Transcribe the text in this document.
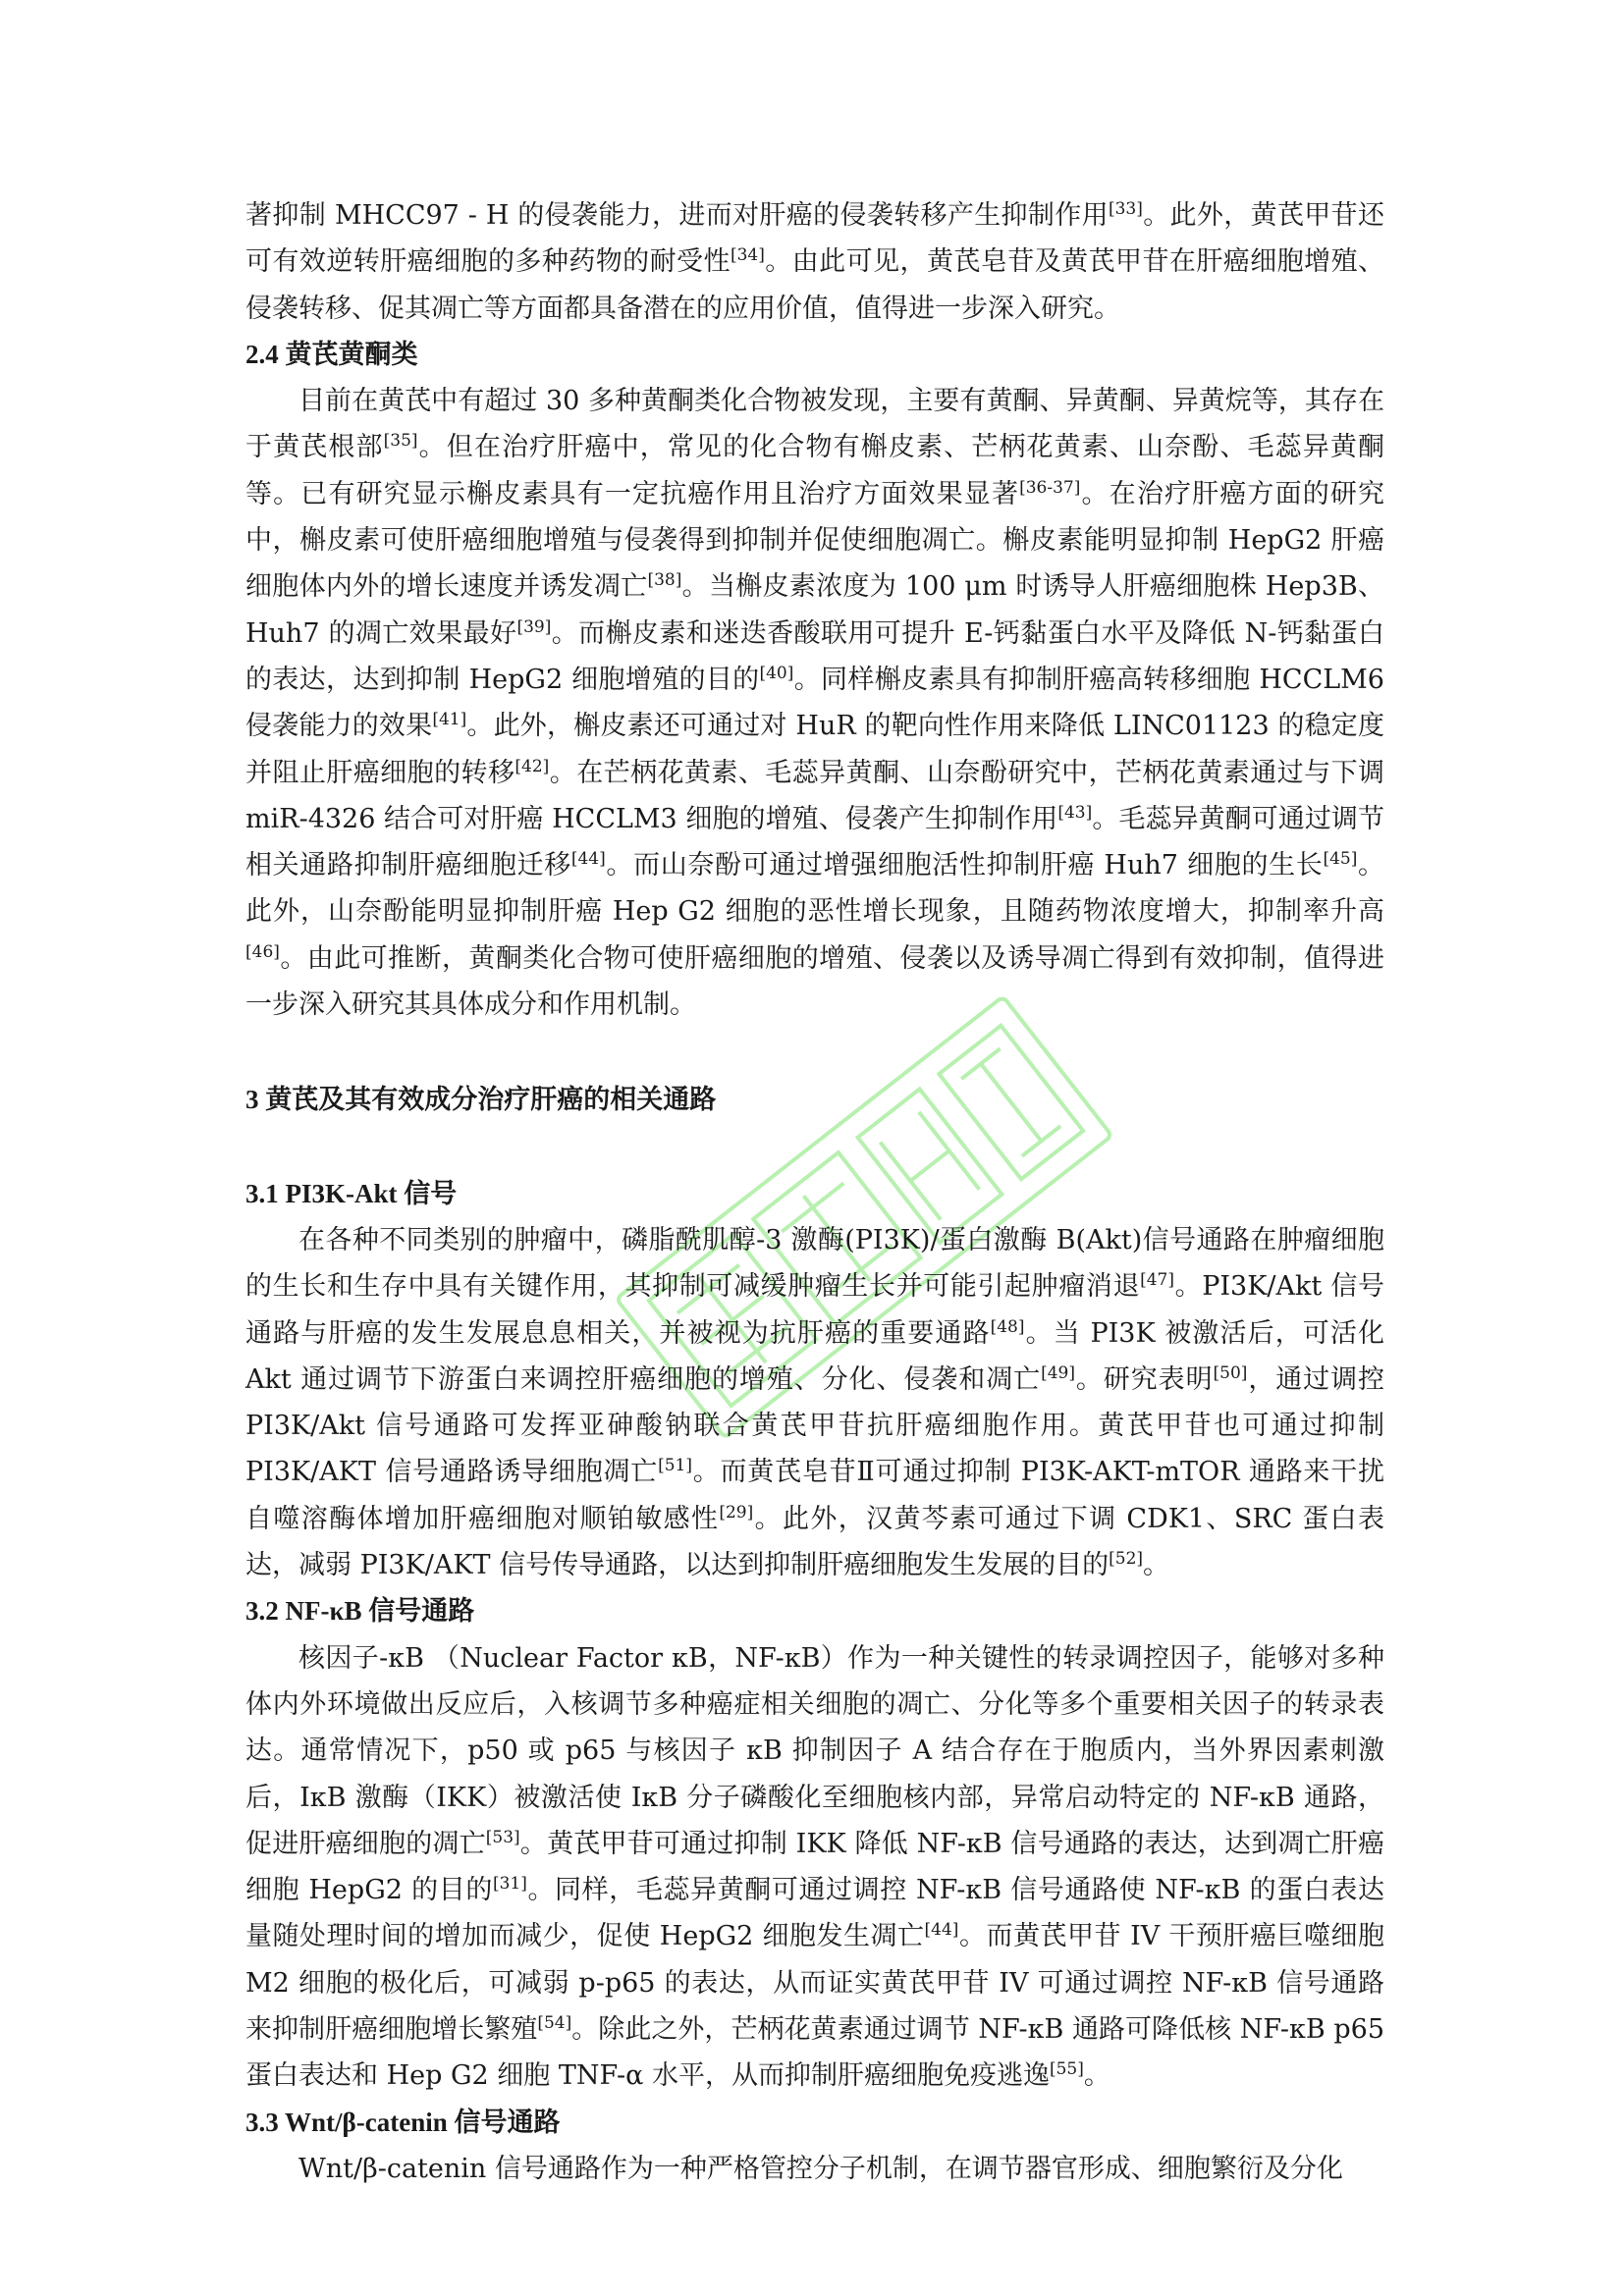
著抑制 MHCC97 - H 的侵袭能力，进而对肝癌的侵袭转移产生抑制作用[33]。此外，黄芪甲苷还可有效逆转肝癌细胞的多种药物的耐受性[34]。由此可见，黄芪皂苷及黄芪甲苷在肝癌细胞增殖、侵袭转移、促其凋亡等方面都具备潜在的应用价值，值得进一步深入研究。

2.4 黄芪黄酮类

目前在黄芪中有超过 30 多种黄酮类化合物被发现，主要有黄酮、异黄酮、异黄烷等，其存在于黄芪根部[35]。但在治疗肝癌中，常见的化合物有槲皮素、芒柄花黄素、山奈酚、毛蕊异黄酮等。已有研究显示槲皮素具有一定抗癌作用且治疗方面效果显著[36-37]。在治疗肝癌方面的研究中，槲皮素可使肝癌细胞增殖与侵袭得到抑制并促使细胞凋亡。槲皮素能明显抑制 HepG2 肝癌细胞体内外的增长速度并诱发凋亡[38]。当槲皮素浓度为 100 μm 时诱导人肝癌细胞株 Hep3B、Huh7 的凋亡效果最好[39]。而槲皮素和迷迭香酸联用可提升 E-钙黏蛋白水平及降低 N-钙黏蛋白的表达，达到抑制 HepG2 细胞增殖的目的[40]。同样槲皮素具有抑制肝癌高转移细胞 HCCLM6 侵袭能力的效果[41]。此外，槲皮素还可通过对 HuR 的靶向性作用来降低 LINC01123 的稳定度并阻止肝癌细胞的转移[42]。在芒柄花黄素、毛蕊异黄酮、山奈酚研究中，芒柄花黄素通过与下调 miR-4326 结合可对肝癌 HCCLM3 细胞的增殖、侵袭产生抑制作用[43]。毛蕊异黄酮可通过调节相关通路抑制肝癌细胞迁移[44]。而山奈酚可通过增强细胞活性抑制肝癌 Huh7 细胞的生长[45]。此外，山奈酚能明显抑制肝癌 Hep G2 细胞的恶性增长现象，且随药物浓度增大，抑制率升高[46]。由此可推断，黄酮类化合物可使肝癌细胞的增殖、侵袭以及诱导凋亡得到有效抑制，值得进一步深入研究其具体成分和作用机制。

3 黄芪及其有效成分治疗肝癌的相关通路
3.1 PI3K-Akt 信号

在各种不同类别的肿瘤中，磷脂酰肌醇-3 激酶(PI3K)/蛋白激酶 B(Akt)信号通路在肿瘤细胞的生长和生存中具有关键作用，其抑制可减缓肿瘤生长并可能引起肿瘤消退[47]。PI3K/Akt 信号通路与肝癌的发生发展息息相关，并被视为抗肝癌的重要通路[48]。当 PI3K 被激活后，可活化 Akt 通过调节下游蛋白来调控肝癌细胞的增殖、分化、侵袭和凋亡[49]。研究表明[50]，通过调控 PI3K/Akt 信号通路可发挥亚砷酸钠联合黄芪甲苷抗肝癌细胞作用。黄芪甲苷也可通过抑制 PI3K/AKT 信号通路诱导细胞凋亡[51]。而黄芪皂苷Ⅱ可通过抑制 PI3K-AKT-mTOR 通路来干扰自噬溶酶体增加肝癌细胞对顺铂敏感性[29]。此外，汉黄芩素可通过下调 CDK1、SRC 蛋白表达，减弱 PI3K/AKT 信号传导通路，以达到抑制肝癌细胞发生发展的目的[52]。

3.2 NF-κB 信号通路

核因子-κB （Nuclear Factor κB，NF-κB）作为一种关键性的转录调控因子，能够对多种体内外环境做出反应后，入核调节多种癌症相关细胞的凋亡、分化等多个重要相关因子的转录表达。通常情况下，p50 或 p65 与核因子 κB 抑制因子 A 结合存在于胞质内，当外界因素刺激后，IκB 激酶（IKK）被激活使 IκB 分子磷酸化至细胞核内部，异常启动特定的 NF-κB 通路，促进肝癌细胞的凋亡[53]。黄芪甲苷可通过抑制 IKK 降低 NF-κB 信号通路的表达，达到凋亡肝癌细胞 HepG2 的目的[31]。同样，毛蕊异黄酮可通过调控 NF-κB 信号通路使 NF-κB 的蛋白表达量随处理时间的增加而减少，促使 HepG2 细胞发生凋亡[44]。而黄芪甲苷 IV 干预肝癌巨噬细胞 M2 细胞的极化后，可减弱 p-p65 的表达，从而证实黄芪甲苷 IV 可通过调控 NF-κB 信号通路来抑制肝癌细胞增长繁殖[54]。除此之外，芒柄花黄素通过调节 NF-κB 通路可降低核 NF-κB p65 蛋白表达和 Hep G2 细胞 TNF-α 水平，从而抑制肝癌细胞免疫逃逸[55]。

3.3 Wnt/β-catenin 信号通路

Wnt/β-catenin 信号通路作为一种严格管控分子机制，在调节器官形成、细胞繁衍及分化
